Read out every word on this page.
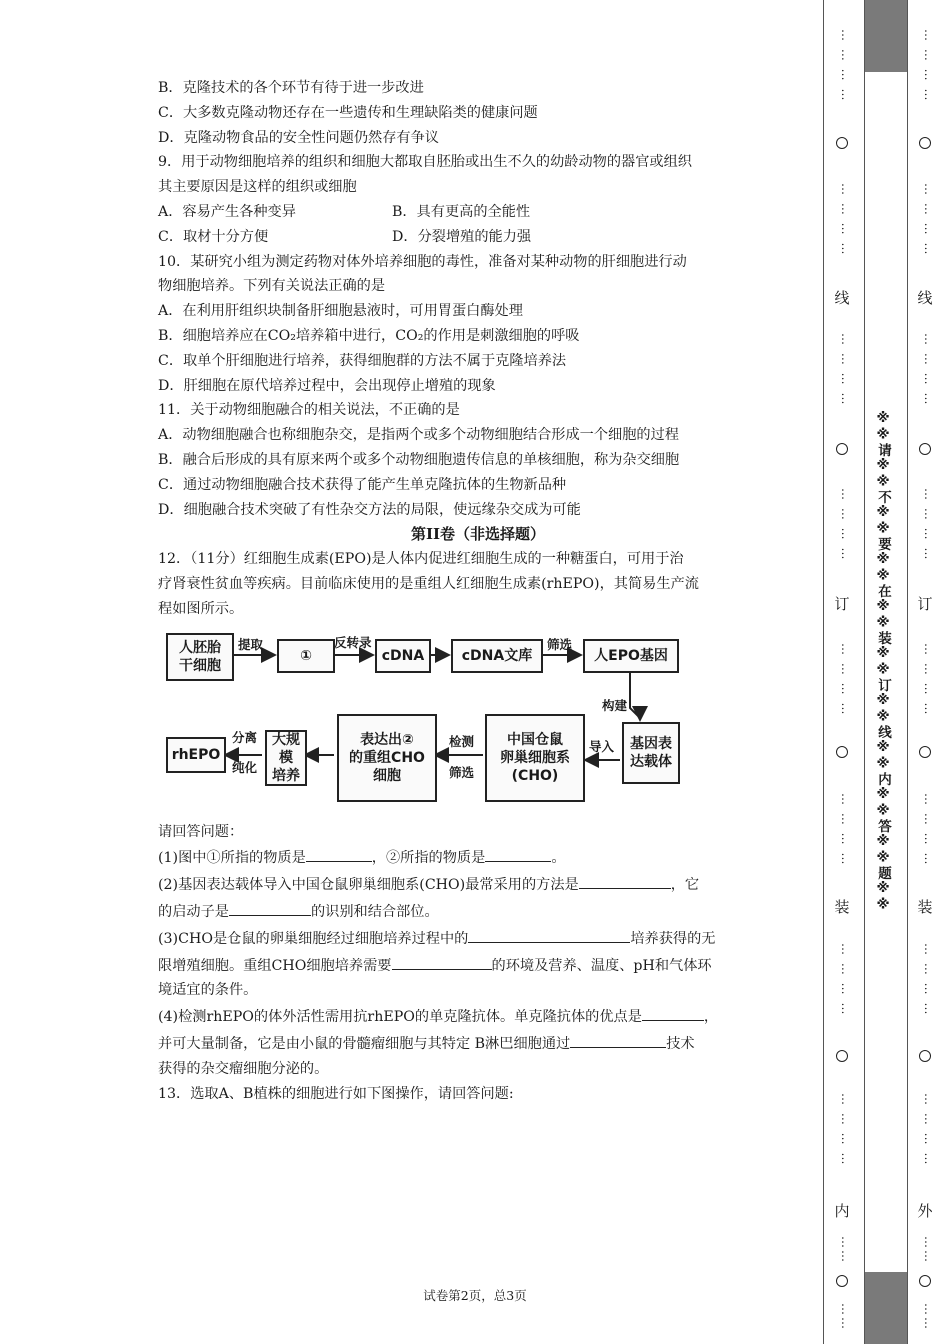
B．克隆技术的各个环节有待于进一步改进

C．大多数克隆动物还存在一些遗传和生理缺陷类的健康问题

D．克隆动物食品的安全性问题仍然存有争议

9．用于动物细胞培养的组织和细胞大都取自胚胎或出生不久的幼龄动物的器官或组织

其主要原因是这样的组织或细胞

A．容易产生各种变异	B．具有更高的全能性
C．取材十分方便	D．分裂增殖的能力强

10．某研究小组为测定药物对体外培养细胞的毒性，准备对某种动物的肝细胞进行动

物细胞培养。下列有关说法正确的是

A．在利用肝组织块制备肝细胞悬液时，可用胃蛋白酶处理

B．细胞培养应在CO₂培养箱中进行，CO₂的作用是刺激细胞的呼吸

C．取单个肝细胞进行培养，获得细胞群的方法不属于克隆培养法

D．肝细胞在原代培养过程中，会出现停止增殖的现象

11．关于动物细胞融合的相关说法，不正确的是

A．动物细胞融合也称细胞杂交，是指两个或多个动物细胞结合形成一个细胞的过程

B．融合后形成的具有原来两个或多个动物细胞遗传信息的单核细胞，称为杂交细胞

C．通过动物细胞融合技术获得了能产生单克隆抗体的生物新品种

D．细胞融合技术突破了有性杂交方法的局限，使远缘杂交成为可能

第II卷（非选择题）

12．（11分）红细胞生成素(EPO)是人体内促进红细胞生成的一种糖蛋白，可用于治

疗肾衰性贫血等疾病。目前临床使用的是重组人红细胞生成素(rhEPO)，其简易生产流

程如图所示。

人胚胎
干细胞
①	cDNA	cDNA文库	人EPO基因
基因表
达载体
中国仓鼠
卵巢细胞系
(CHO)
表达出②
的重组CHO
细胞
大规模
培养
rhEPO
提取	反转录	筛选
构建
导入
检测
筛选
分离
纯化

请回答问题：

(1)图中①所指的物质是	，②所指的物质是	。

(2)基因表达载体导入中国仓鼠卵巢细胞系(CHO)最常采用的方法是	，它

的启动子是	的识别和结合部位。

(3)CHO是仓鼠的卵巢细胞经过细胞培养过程中的	培养获得的无

限增殖细胞。重组CHO细胞培养需要	的环境及营养、温度、pH和气体环

境适宜的条件。

(4)检测rhEPO的体外活性需用抗rhEPO的单克隆抗体。单克隆抗体的优点是	，

并可大量制备，它是由小鼠的骨髓瘤细胞与其特定 B淋巴细胞通过	技术

获得的杂交瘤细胞分泌的。

13．选取A、B植株的细胞进行如下图操作，请回答问题:

试卷第2页，总3页
… … … …
… … … …
… … … …
… … … …
… … … …
… … … …
… … … …
… … … …
……
……
… … … …
… … … …
… … … …
… … … …
… … … …
… … … …
… … … …
… … … …
……
……
线
订
装
内
线
订
装
外
※※请※※不※※要※※在※※装※※订※※线※※内※※答※※题※※
